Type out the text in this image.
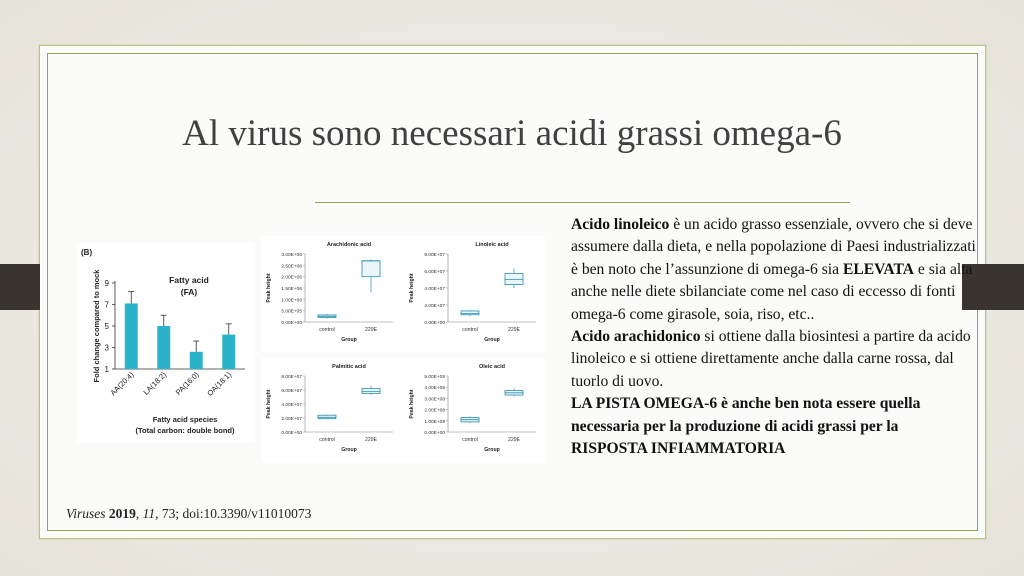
Al virus sono necessari acidi grassi omega-6
(B)
Fatty acid
(FA)
1
3
5
7
9
Fold change compared to mock
AA(20:4) LA(18:2) PA(16:0) OA(18:1)
Fatty acid species
(Total carbon: double bond)
Arachidonic acid
0.00E+00
5.00E+05
1.00E+06
1.50E+06
2.00E+06
2.50E+06
3.00E+06
Peak height
control	229E
Group
Linoleic acid
0.00E+00
2.00E+07
4.00E+07
6.00E+07
8.00E+07
Peak height
control	229E
Group
Palmitic acid
0.00E+00
2.00E+07
4.00E+07
6.00E+07
8.00E+07
Peak height
control	229E
Group
Oleic acid
0.00E+00
1.00E+08
2.00E+08
3.00E+08
4.00E+08
5.00E+08
Peak height
control	229E
Group
Acido linoleico è un acido grasso essenziale, ovvero che si deve assumere dalla dieta, e nella popolazione di Paesi industrializzati è ben noto che l’assunzione di omega-6 sia ELEVATA e sia alta anche nelle diete sbilanciate come nel caso di eccesso di fonti omega-6 come girasole, soia, riso, etc..
Acido arachidonico si ottiene dalla biosintesi a partire da acido linoleico e si ottiene direttamente anche dalla carne rossa, dal tuorlo di uovo.
LA PISTA OMEGA-6 è anche ben nota essere quella necessaria per la produzione di acidi grassi per la RISPOSTA INFIAMMATORIA
Viruses 2019, 11, 73; doi:10.3390/v11010073
